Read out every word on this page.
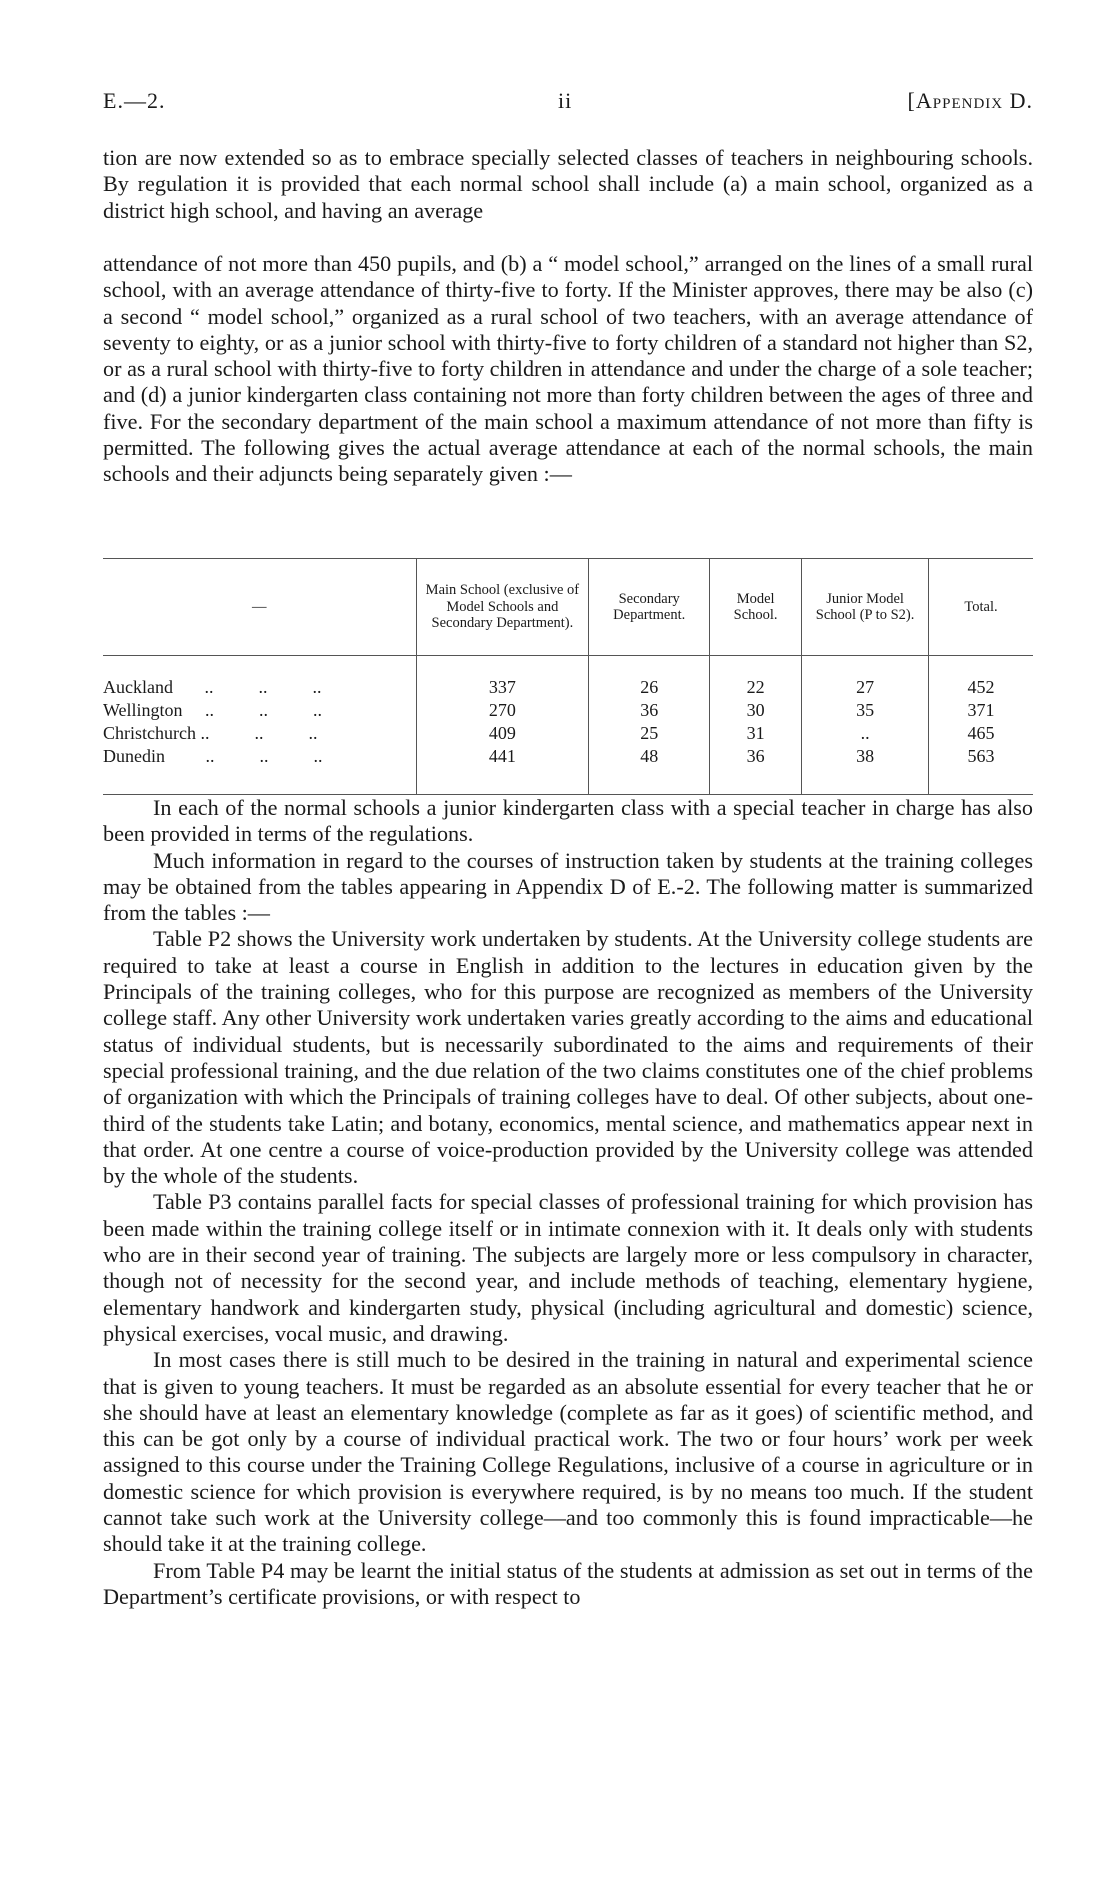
E.—2.	ii	[Appendix D.

tion are now extended so as to embrace specially selected classes of teachers in neighbouring schools. By regulation it is provided that each normal school shall include (a) a main school, organized as a district high school, and having an average

attendance of not more than 450 pupils, and (b) a “ model school,” arranged on the lines of a small rural school, with an average attendance of thirty-five to forty. If the Minister approves, there may be also (c) a second “ model school,” organized as a rural school of two teachers, with an average attendance of seventy to eighty, or as a junior school with thirty-five to forty children of a standard not higher than S2, or as a rural school with thirty-five to forty children in attendance and under the charge of a sole teacher; and (d) a junior kindergarten class containing not more than forty children between the ages of three and five. For the secondary department of the main school a maximum attendance of not more than fifty is permitted. The following gives the actual average attendance at each of the normal schools, the main schools and their adjuncts being separately given :—

—	Main School (exclusive of Model Schools and Secondary Department).	Secondary Department.	Model School.	Junior Model School (P to S2).	Total.

Auckland       ..          ..          ..	337	26	22	27	452
Wellington     ..          ..          ..	270	36	30	35	371
Christchurch ..          ..          ..	409	25	31	..	465
Dunedin         ..          ..          ..	441	48	36	38	563

In each of the normal schools a junior kindergarten class with a special teacher in charge has also been provided in terms of the regulations.

Much information in regard to the courses of instruction taken by students at the training colleges may be obtained from the tables appearing in Appendix D of E.-2. The following matter is summarized from the tables :—

Table P2 shows the University work undertaken by students. At the University college students are required to take at least a course in English in addition to the lectures in education given by the Principals of the training colleges, who for this purpose are recognized as members of the University college staff. Any other University work undertaken varies greatly according to the aims and educational status of individual students, but is necessarily subordinated to the aims and requirements of their special professional training, and the due relation of the two claims constitutes one of the chief problems of organization with which the Principals of training colleges have to deal. Of other subjects, about one-third of the students take Latin; and botany, economics, mental science, and mathematics appear next in that order. At one centre a course of voice-production provided by the University college was attended by the whole of the students.

Table P3 contains parallel facts for special classes of professional training for which provision has been made within the training college itself or in intimate connexion with it. It deals only with students who are in their second year of training. The subjects are largely more or less compulsory in character, though not of necessity for the second year, and include methods of teaching, elementary hygiene, elementary handwork and kindergarten study, physical (including agricultural and domestic) science, physical exercises, vocal music, and drawing.

In most cases there is still much to be desired in the training in natural and experimental science that is given to young teachers. It must be regarded as an absolute essential for every teacher that he or she should have at least an elementary knowledge (complete as far as it goes) of scientific method, and this can be got only by a course of individual practical work. The two or four hours’ work per week assigned to this course under the Training College Regulations, inclusive of a course in agriculture or in domestic science for which provision is everywhere required, is by no means too much. If the student cannot take such work at the University college—and too commonly this is found impracticable—he should take it at the training college.

From Table P4 may be learnt the initial status of the students at admission as set out in terms of the Department’s certificate provisions, or with respect to
